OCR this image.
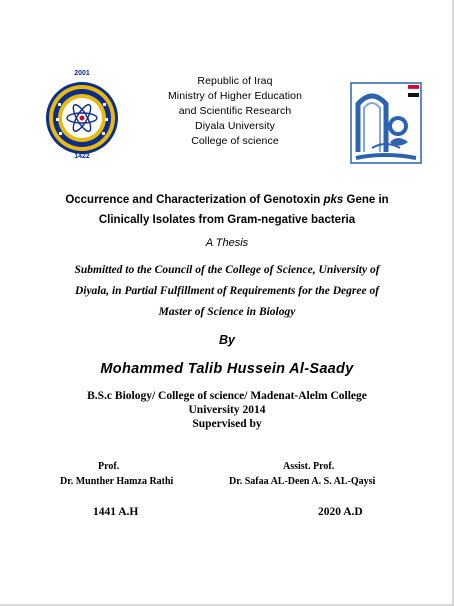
2001
1422
Republic of Iraq
Ministry of Higher Education
and Scientific Research
Diyala University
College of science
Occurrence and Characterization of Genotoxin pks Gene in
Clinically Isolates from Gram-negative bacteria
A Thesis
Submitted to the Council of the College of Science, University of
Diyala, in Partial Fulfillment of Requirements for the Degree of
Master of Science in Biology
By
Mohammed Talib Hussein Al-Saady
B.S.c Biology/ College of science/ Madenat-Alelm College
University 2014
Supervised by
Prof.
Dr. Munther Hamza Rathi
Assist. Prof.
Dr. Safaa AL-Deen A. S. AL-Qaysi
1441 A.H	2020 A.D
